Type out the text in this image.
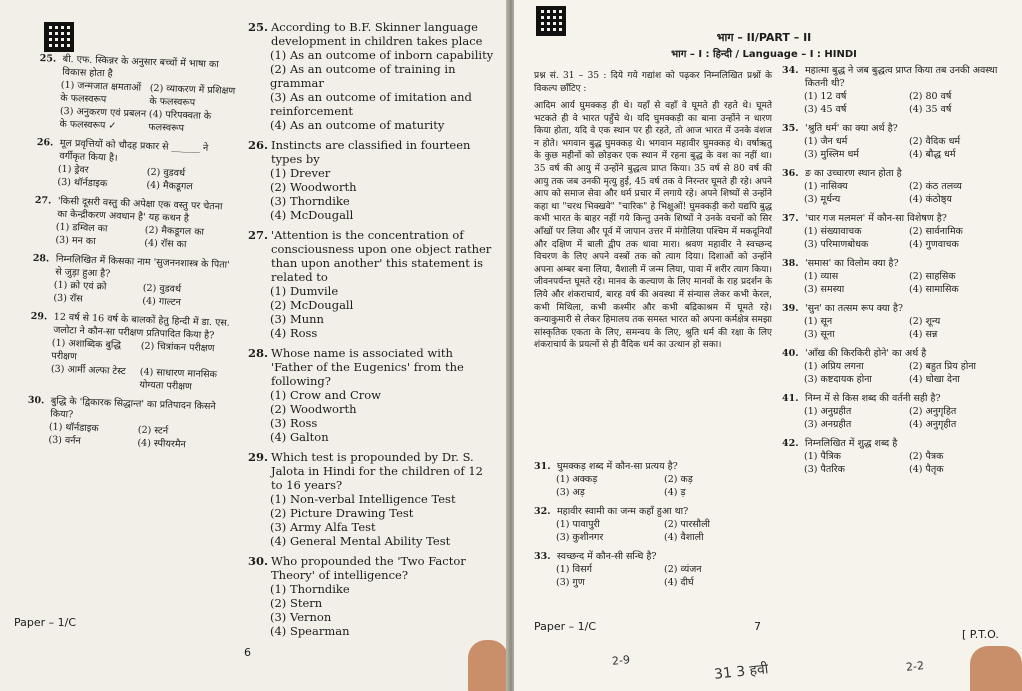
25. बी. एफ. स्किन्नर के अनुसार बच्चों में भाषा का विकास होता है
(1) जन्मजात क्षमताओं के फलस्वरूप
(2) व्याकरण में प्रशिक्षण के फलस्वरूप
(3) अनुकरण एवं प्रबलन के फलस्वरूप ✓
(4) परिपक्वता के फलस्वरूप
26. मूल प्रवृत्तियों को चौदह प्रकार से ______ ने वर्गीकृत किया है।
(1) ड्रेवर	(2) वुडवर्थ
(3) थॉर्नडाइक	(4) मैकडूगल
27. 'किसी दूसरी वस्तु की अपेक्षा एक वस्तु पर चेतना का केन्द्रीकरण अवधान है' यह कथन है
(1) डम्विल का	(2) मैकडूगल का
(3) मन का	(4) रॉस का
28. निम्नलिखित में किसका नाम 'सुजननशास्त्र के पिता' से जुड़ा हुआ है?
(1) क्रो एवं क्रो	(2) वुडवर्थ
(3) रॉस	(4) गाल्टन
29. 12 वर्ष से 16 वर्ष के बालकों हेतु हिन्दी में डा. एस. जलोटा ने कौन-सा परीक्षण प्रतिपादित किया है?
(1) अशाब्दिक बुद्धि परीक्षण
(2) चित्रांकन परीक्षण
(3) आर्मी अल्फा टेस्ट	(4) साधारण मानसिक योग्यता परीक्षण
30. बुद्धि के 'द्विकारक सिद्धान्त' का प्रतिपादन किसने किया?
(1) थॉर्नडाइक	(2) स्टर्न
(3) वर्नन	(4) स्पीयरमैन
25. According to B.F. Skinner language development in children takes place
(1) As an outcome of inborn capability
(2) As an outcome of training in grammar
(3) As an outcome of imitation and reinforcement
(4) As an outcome of maturity
26. Instincts are classified in fourteen types by
(1) Drever
(2) Woodworth
(3) Thorndike
(4) McDougall
27. 'Attention is the concentration of consciousness upon one object rather than upon another' this statement is related to
(1) Dumvile
(2) McDougall
(3) Munn
(4) Ross
28. Whose name is associated with 'Father of the Eugenics' from the following?
(1) Crow and Crow
(2) Woodworth
(3) Ross
(4) Galton
29. Which test is propounded by Dr. S. Jalota in Hindi for the children of 12 to 16 years?
(1) Non-verbal Intelligence Test
(2) Picture Drawing Test
(3) Army Alfa Test
(4) General Mental Ability Test
30. Who propounded the 'Two Factor Theory' of intelligence?
(1) Thorndike
(2) Stern
(3) Vernon
(4) Spearman
Paper – 1/C
6
भाग – II/PART – II
भाग – I : हिन्दी / Language – I : HINDI
प्रश्न सं. 31 – 35 : दिये गये गद्यांश को पढ़कर निम्नलिखित प्रश्नों के विकल्प छाँटिए :
आदिम आर्य घुमक्कड़ ही थे। यहाँ से वहाँ वे घूमते ही रहते थे। घूमते भटकते ही वे भारत पहुँचे थे। यदि घुमक्कड़ी का बाना उन्होंने न धारण किया होता, यदि वे एक स्थान पर ही रहते, तो आज भारत में उनके वंशज न होते। भगवान बुद्ध घुमक्कड़ थे। भगवान महावीर घुमक्कड़ थे। वर्षाऋतु के कुछ महीनों को छोड़कर एक स्थान में रहना बुद्ध के वश का नहीं था। 35 वर्ष की आयु में उन्होंने बुद्धत्व प्राप्त किया। 35 वर्ष से 80 वर्ष की आयु तक जब उनकी मृत्यु हुई, 45 वर्ष तक वे निरन्तर घूमते ही रहे। अपने आप को समाज सेवा और धर्म प्रचार में लगाये रहे। अपने शिष्यों से उन्होंने कहा था "चरथ भिक्खवे" "चारिक" हे भिक्षुओं! घुमक्कड़ी करो यद्यपि बुद्ध कभी भारत के बाहर नहीं गये किन्तु उनके शिष्यों ने उनके वचनों को सिर आँखों पर लिया और पूर्व में जापान उत्तर में मंगोलिया पश्चिम में मकदूनियाँ और दक्षिण में बाली द्वीप तक धावा मारा। श्रवण महावीर ने स्वच्छन्द विचरण के लिए अपने वस्त्रों तक को त्याग दिया। दिशाओं को उन्होंने अपना अम्बर बना लिया, वैशाली में जन्म लिया, पावा में शरीर त्याग किया। जीवनपर्यन्त घूमते रहे। मानव के कल्याण के लिए मानवों के राह प्रदर्शन के लिये और शंकराचार्य, बारह वर्ष की अवस्था में संन्यास लेकर कभी केरल, कभी मिथिला, कभी कश्मीर और कभी बद्रिकाश्रम में घूमते रहे। कन्याकुमारी से लेकर हिमालय तक समस्त भारत को अपना कर्मक्षेत्र समझा सांस्कृतिक एकता के लिए, समन्वय के लिए, श्रुति धर्म की रक्षा के लिए शंकराचार्य के प्रयत्नों से ही वैदिक धर्म का उत्थान हो सका।
31. घुमक्कड़ शब्द में कौन-सा प्रत्यय है?
(1) अक्कड़	(2) कड़
(3) अड़	(4) ड़
32. महावीर स्वामी का जन्म कहाँ हुआ था?
(1) पावापुरी	(2) पारसौली
(3) कुशीनगर	(4) वैशाली
33. स्वच्छन्द में कौन-सी सन्धि है?
(1) विसर्ग	(2) व्यंजन
(3) गुण	(4) दीर्घ
34. महात्मा बुद्ध ने जब बुद्धत्व प्राप्त किया तब उनकी अवस्था कितनी थी?
(1) 12 वर्ष	(2) 80 वर्ष
(3) 45 वर्ष	(4) 35 वर्ष
35. 'श्रुति धर्म' का क्या अर्थ है?
(1) जैन धर्म	(2) वैदिक धर्म
(3) मुस्लिम धर्म	(4) बौद्ध धर्म
36. ङ का उच्चारण स्थान होता है
(1) नासिक्य	(2) कंठ तलव्य
(3) मूर्धन्य	(4) कंठोष्ठ्य
37. 'चार गज मलमल' में कौन-सा विशेषण है?
(1) संख्यावाचक	(2) सार्वनामिक
(3) परिमाणबोधक	(4) गुणवाचक
38. 'समास' का विलोम क्या है?
(1) व्यास	(2) साहसिक
(3) समस्या	(4) सामासिक
39. 'सुन' का तत्सम रूप क्या है?
(1) सून	(2) शून्य
(3) सूना	(4) सन्न
40. 'आँख की किरकिरी होने' का अर्थ है
(1) अप्रिय लगना	(2) बहुत प्रिय होना
(3) कष्टदायक होना	(4) धोखा देना
41. निम्न में से किस शब्द की वर्तनी सही है?
(1) अनुग्रहीत	(2) अनुगृहित
(3) अनग्रहीत	(4) अनुगृहीत
42. निम्नलिखित में शुद्ध शब्द है
(1) पैत्रिक	(2) पैत्रक
(3) पैतरिक	(4) पैतृक
Paper – 1/C	7
[ P.T.O.
2-9
31 3 हवी	2-2
